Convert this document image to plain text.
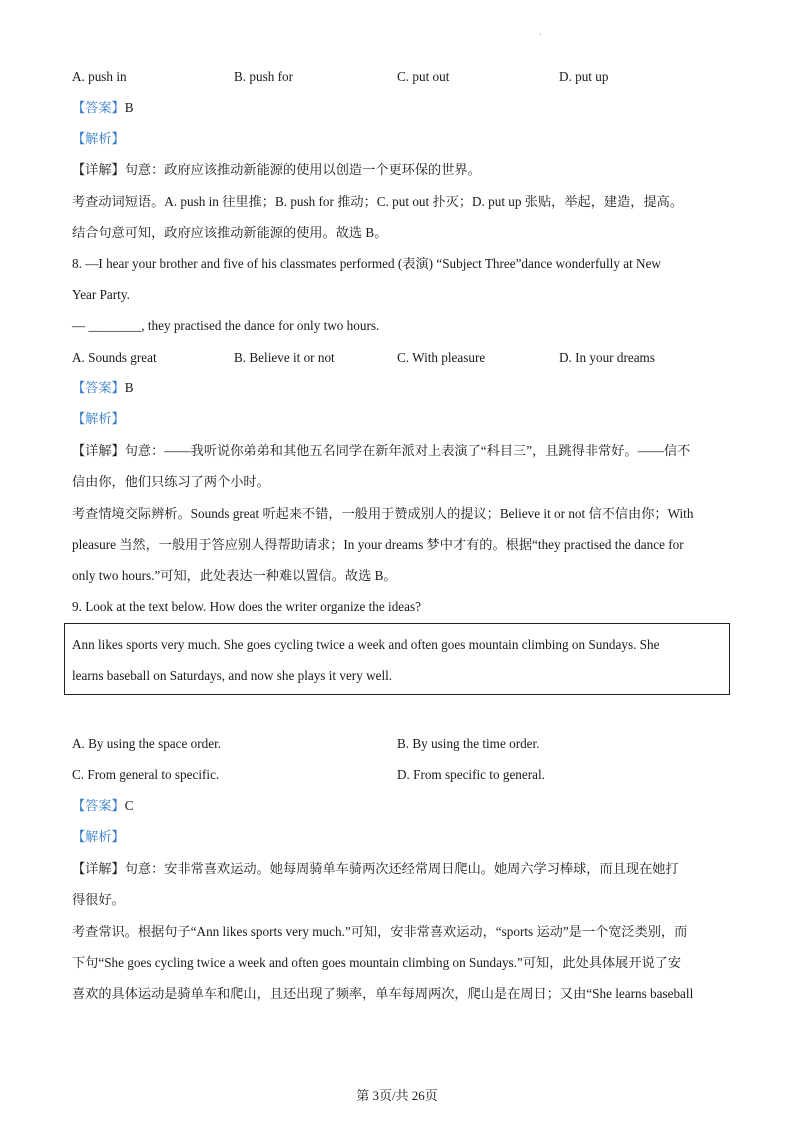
·
A. push in	B. push for	C. put out	D. put up
【答案】B
【解析】
【详解】句意：政府应该推动新能源的使用以创造一个更环保的世界。
考查动词短语。A. push in 往里推；B. push for 推动；C. put out 扑灭；D. put up 张贴，举起，建造，提高。
结合句意可知，政府应该推动新能源的使用。故选 B。
8. —I hear your brother and five of his classmates performed (表演) “Subject Three”dance wonderfully at New
Year Party.
— ________, they practised the dance for only two hours.
A. Sounds great	B. Believe it or not	C. With pleasure	D. In your dreams
【答案】B
【解析】
【详解】句意：——我听说你弟弟和其他五名同学在新年派对上表演了“科目三”，且跳得非常好。——信不
信由你，他们只练习了两个小时。
考查情境交际辨析。Sounds great 听起来不错，一般用于赞成别人的提议；Believe it or not 信不信由你；With
pleasure 当然，一般用于答应别人得帮助请求；In your dreams 梦中才有的。根据“they practised the dance for
only two hours.”可知，此处表达一种难以置信。故选 B。
9. Look at the text below. How does the writer organize the ideas?
Ann likes sports very much. She goes cycling twice a week and often goes mountain climbing on Sundays. She
learns baseball on Saturdays, and now she plays it very well.
A. By using the space order.	B. By using the time order.
C. From general to specific.	D. From specific to general.
【答案】C
【解析】
【详解】句意：安非常喜欢运动。她每周骑单车骑两次还经常周日爬山。她周六学习棒球，而且现在她打
得很好。
考查常识。根据句子“Ann likes sports very much.”可知，安非常喜欢运动，“sports 运动”是一个宽泛类别，而
下句“She goes cycling twice a week and often goes mountain climbing on Sundays.”可知，此处具体展开说了安
喜欢的具体运动是骑单车和爬山，且还出现了频率，单车每周两次，爬山是在周日；又由“She learns baseball
第 3页/共 26页
